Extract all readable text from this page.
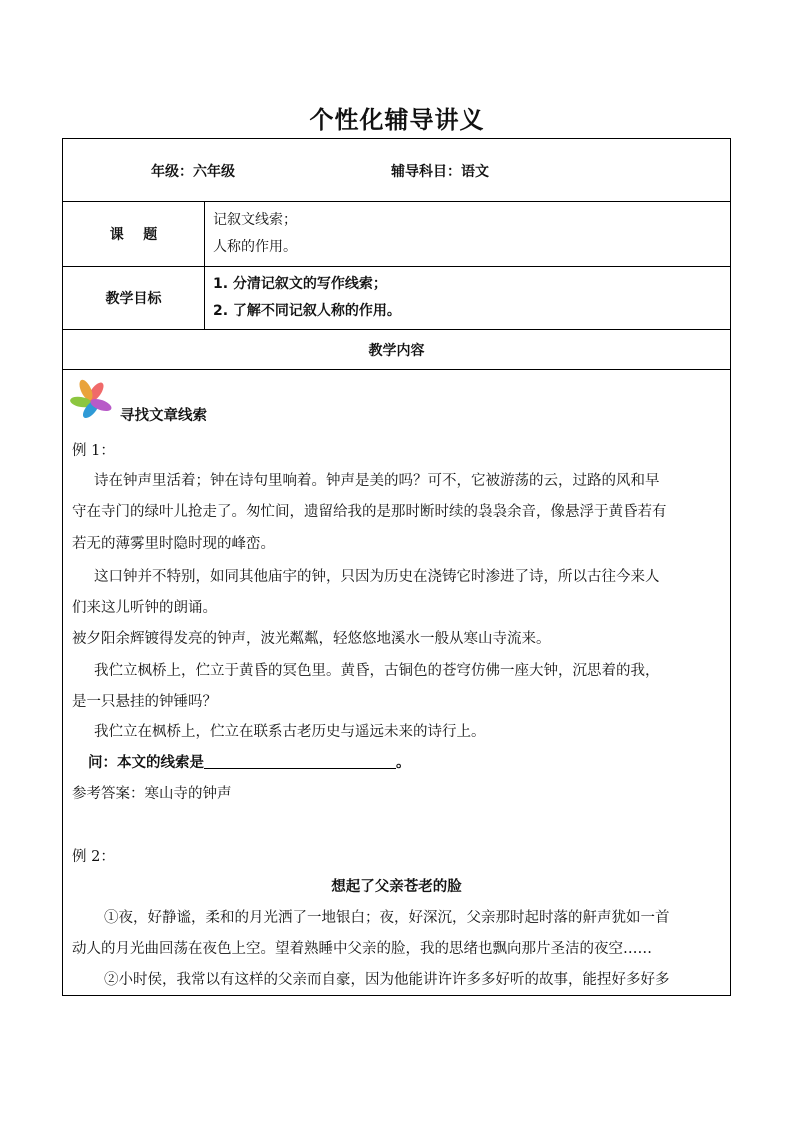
个性化辅导讲义
年级：六年级	辅导科目：语文
课    题
记叙文线索；
人称的作用。
教学目标
1. 分清记叙文的写作线索；
2. 了解不同记叙人称的作用。
教学内容
寻找文章线索
例 1：
诗在钟声里活着；钟在诗句里响着。钟声是美的吗？可不，它被游荡的云，过路的风和早
守在寺门的绿叶儿抢走了。匆忙间，遗留给我的是那时断时续的袅袅余音，像悬浮于黄昏若有
若无的薄雾里时隐时现的峰峦。
这口钟并不特别，如同其他庙宇的钟，只因为历史在浇铸它时渗进了诗，所以古往今来人
们来这儿听钟的朗诵。
被夕阳余辉镀得发亮的钟声，波光粼粼，轻悠悠地溪水一般从寒山寺流来。
我伫立枫桥上，伫立于黄昏的冥色里。黄昏，古铜色的苍穹仿佛一座大钟，沉思着的我，
是一只悬挂的钟锤吗？
我伫立在枫桥上，伫立在联系古老历史与遥远未来的诗行上。
问：本文的线索是	。
参考答案：寒山寺的钟声
例 2：
想起了父亲苍老的脸
①夜，好静谧，柔和的月光洒了一地银白；夜，好深沉，父亲那时起时落的鼾声犹如一首
动人的月光曲回荡在夜色上空。望着熟睡中父亲的脸，我的思绪也飘向那片圣洁的夜空……
②小时侯，我常以有这样的父亲而自豪，因为他能讲许许多多好听的故事，能捏好多好多
